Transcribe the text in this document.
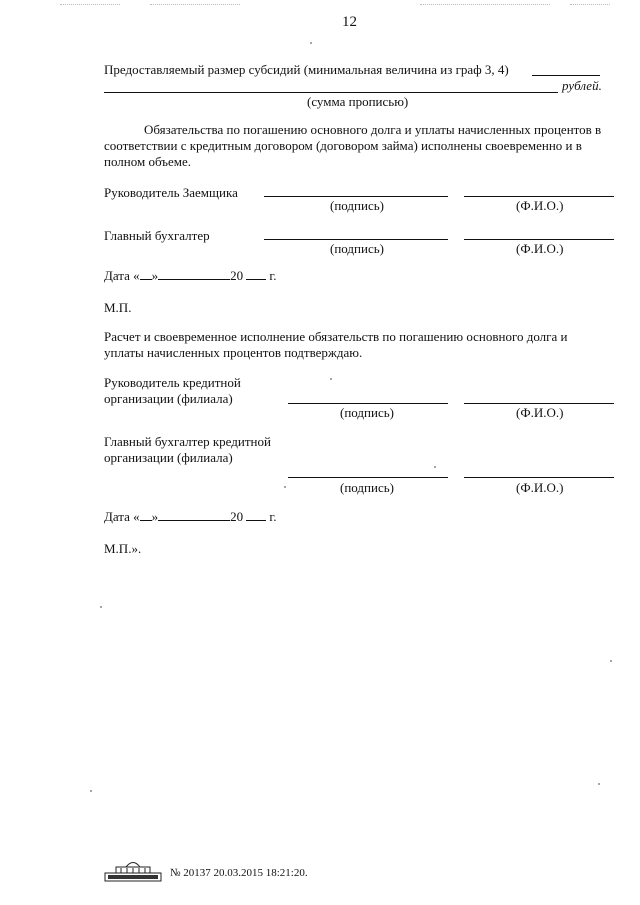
12
Предоставляемый размер субсидий (минимальная величина из граф 3, 4)
рублей.
(сумма прописью)
Обязательства по погашению основного долга и уплаты начисленных процентов в
соответствии с кредитным договором (договором займа) исполнены своевременно и в
полном объеме.
Руководитель Заемщика
(подпись)	(Ф.И.О.)
Главный бухгалтер
(подпись)	(Ф.И.О.)
Дата « »	20 г.
М.П.
Расчет и своевременное исполнение обязательств по погашению основного долга и
уплаты начисленных процентов подтверждаю.
Руководитель кредитной
организации (филиала)
(подпись)	(Ф.И.О.)
Главный бухгалтер кредитной
организации (филиала)
(подпись)	(Ф.И.О.)
Дата « »	20 г.
М.П.».
№ 20137 20.03.2015 18:21:20.
